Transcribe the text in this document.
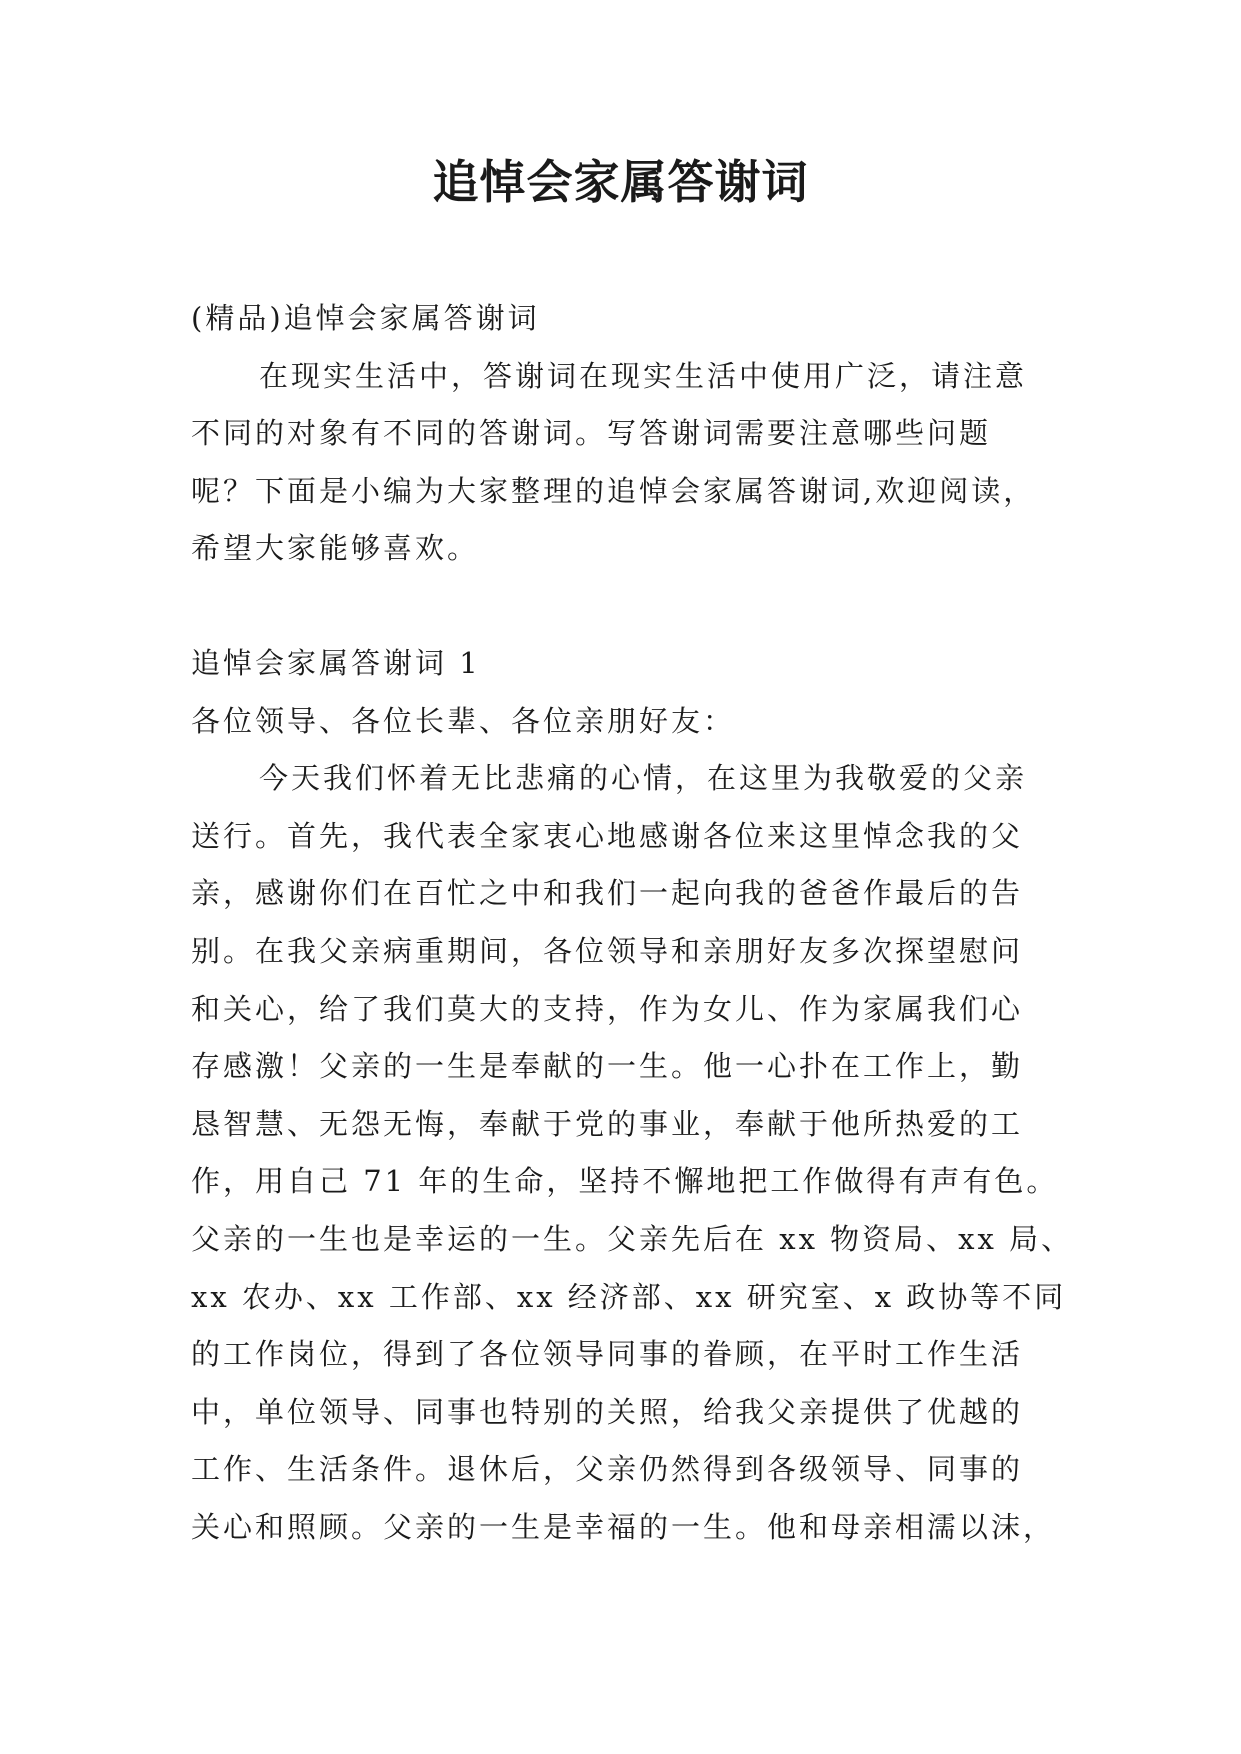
追悼会家属答谢词

(精品)追悼会家属答谢词

在现实生活中，答谢词在现实生活中使用广泛，请注意

不同的对象有不同的答谢词。写答谢词需要注意哪些问题

呢？下面是小编为大家整理的追悼会家属答谢词,欢迎阅读，

希望大家能够喜欢。

追悼会家属答谢词 1

各位领导、各位长辈、各位亲朋好友：

今天我们怀着无比悲痛的心情，在这里为我敬爱的父亲

送行。首先，我代表全家衷心地感谢各位来这里悼念我的父

亲，感谢你们在百忙之中和我们一起向我的爸爸作最后的告

别。在我父亲病重期间，各位领导和亲朋好友多次探望慰问

和关心，给了我们莫大的支持，作为女儿、作为家属我们心

存感激！父亲的一生是奉献的一生。他一心扑在工作上，勤

恳智慧、无怨无悔，奉献于党的事业，奉献于他所热爱的工

作，用自己 71 年的生命，坚持不懈地把工作做得有声有色。

父亲的一生也是幸运的一生。父亲先后在 xx 物资局、xx 局、

xx 农办、xx 工作部、xx 经济部、xx 研究室、x 政协等不同

的工作岗位，得到了各位领导同事的眷顾，在平时工作生活

中，单位领导、同事也特别的关照，给我父亲提供了优越的

工作、生活条件。退休后，父亲仍然得到各级领导、同事的

关心和照顾。父亲的一生是幸福的一生。他和母亲相濡以沫，
